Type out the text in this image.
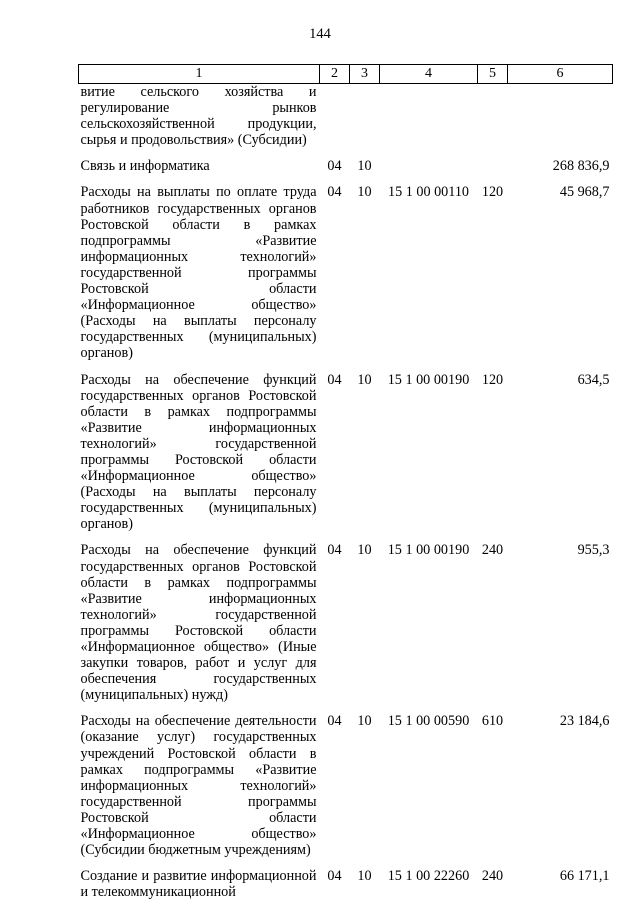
144
1	2	3	4	5	6
витие сельского хозяйства и регулирование рынков сельскохозяйственной продукции, сырья и продовольствия» (Субсидии)					
Связь и информатика	04	10			268 836,9
Расходы на выплаты по оплате труда работников государственных органов Ростовской области в рамках подпрограммы «Развитие информационных технологий» государственной программы Ростовской области «Информационное общество» (Расходы на выплаты персоналу государственных (муниципальных) органов)	04	10	15 1 00 00110	120	45 968,7
Расходы на обеспечение функций государственных органов Ростовской области в рамках подпрограммы «Развитие информационных технологий» государственной программы Ростовской области «Информационное общество» (Расходы на выплаты персоналу государственных (муниципальных) органов)	04	10	15 1 00 00190	120	634,5
Расходы на обеспечение функций государственных органов Ростовской области в рамках подпрограммы «Развитие информационных технологий» государственной программы Ростовской области «Информационное общество» (Иные закупки товаров, работ и услуг для обеспечения государственных (муниципальных) нужд)	04	10	15 1 00 00190	240	955,3
Расходы на обеспечение деятельности (оказание услуг) государственных учреждений Ростовской области в рамках подпрограммы «Развитие информационных технологий» государственной программы Ростовской области «Информационное общество» (Субсидии бюджетным учреждениям)	04	10	15 1 00 00590	610	23 184,6
Создание и развитие информационной и телекоммуникационной	04	10	15 1 00 22260	240	66 171,1
